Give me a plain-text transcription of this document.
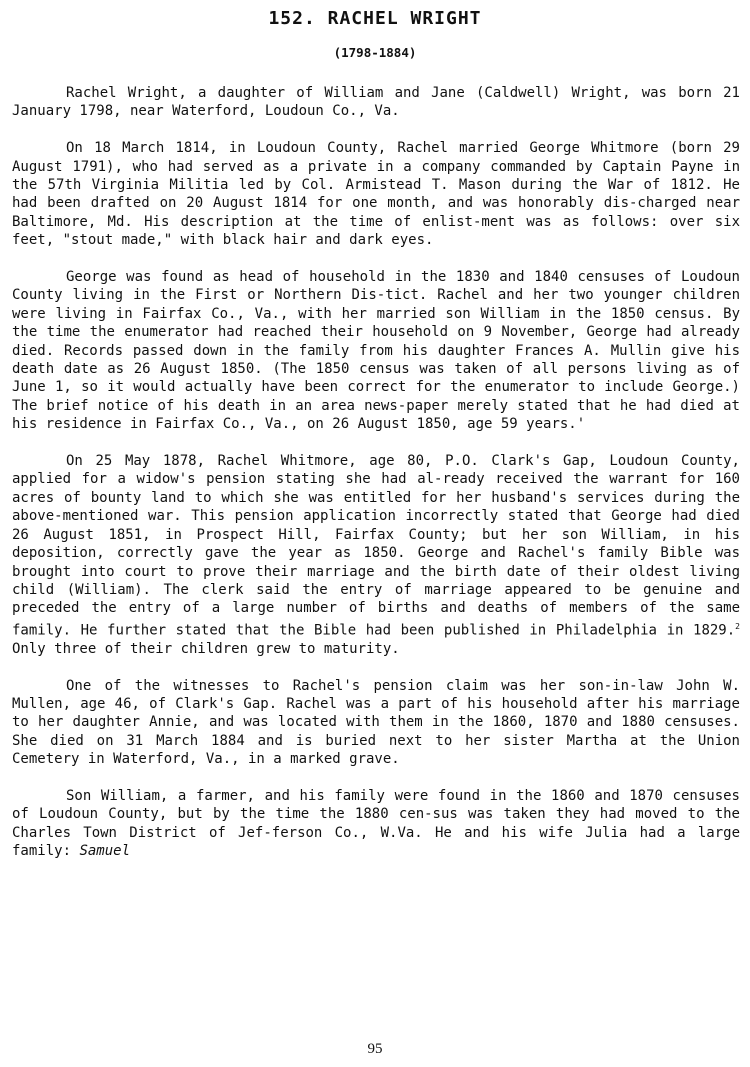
152. RACHEL WRIGHT
(1798-1884)

Rachel Wright, a daughter of William and Jane (Caldwell) Wright, was born 21 January 1798, near Waterford, Loudoun Co., Va.

On 18 March 1814, in Loudoun County, Rachel married George Whitmore (born 29 August 1791), who had served as a private in a company commanded by Captain Payne in the 57th Virginia Militia led by Col. Armistead T. Mason during the War of 1812. He had been drafted on 20 August 1814 for one month, and was honorably dis-charged near Baltimore, Md. His description at the time of enlist-ment was as follows: over six feet, "stout made," with black hair and dark eyes.

George was found as head of household in the 1830 and 1840 censuses of Loudoun County living in the First or Northern Dis-tict. Rachel and her two younger children were living in Fairfax Co., Va., with her married son William in the 1850 census. By the time the enumerator had reached their household on 9 November, George had already died. Records passed down in the family from his daughter Frances A. Mullin give his death date as 26 August 1850. (The 1850 census was taken of all persons living as of June 1, so it would actually have been correct for the enumerator to include George.) The brief notice of his death in an area news-paper merely stated that he had died at his residence in Fairfax Co., Va., on 26 August 1850, age 59 years.'

On 25 May 1878, Rachel Whitmore, age 80, P.O. Clark's Gap, Loudoun County, applied for a widow's pension stating she had al-ready received the warrant for 160 acres of bounty land to which she was entitled for her husband's services during the above-mentioned war. This pension application incorrectly stated that George had died 26 August 1851, in Prospect Hill, Fairfax County; but her son William, in his deposition, correctly gave the year as 1850. George and Rachel's family Bible was brought into court to prove their marriage and the birth date of their oldest living child (William). The clerk said the entry of marriage appeared to be genuine and preceded the entry of a large number of births and deaths of members of the same family. He further stated that the Bible had been published in Philadelphia in 1829.$^2$ Only three of their children grew to maturity.

One of the witnesses to Rachel's pension claim was her son-in-law John W. Mullen, age 46, of Clark's Gap. Rachel was a part of his household after his marriage to her daughter Annie, and was located with them in the 1860, 1870 and 1880 censuses. She died on 31 March 1884 and is buried next to her sister Martha at the Union Cemetery in Waterford, Va., in a marked grave.

Son William, a farmer, and his family were found in the 1860 and 1870 censuses of Loudoun County, but by the time the 1880 cen-sus was taken they had moved to the Charles Town District of Jef-ferson Co., W.Va. He and his wife Julia had a large family: Samuel

95
